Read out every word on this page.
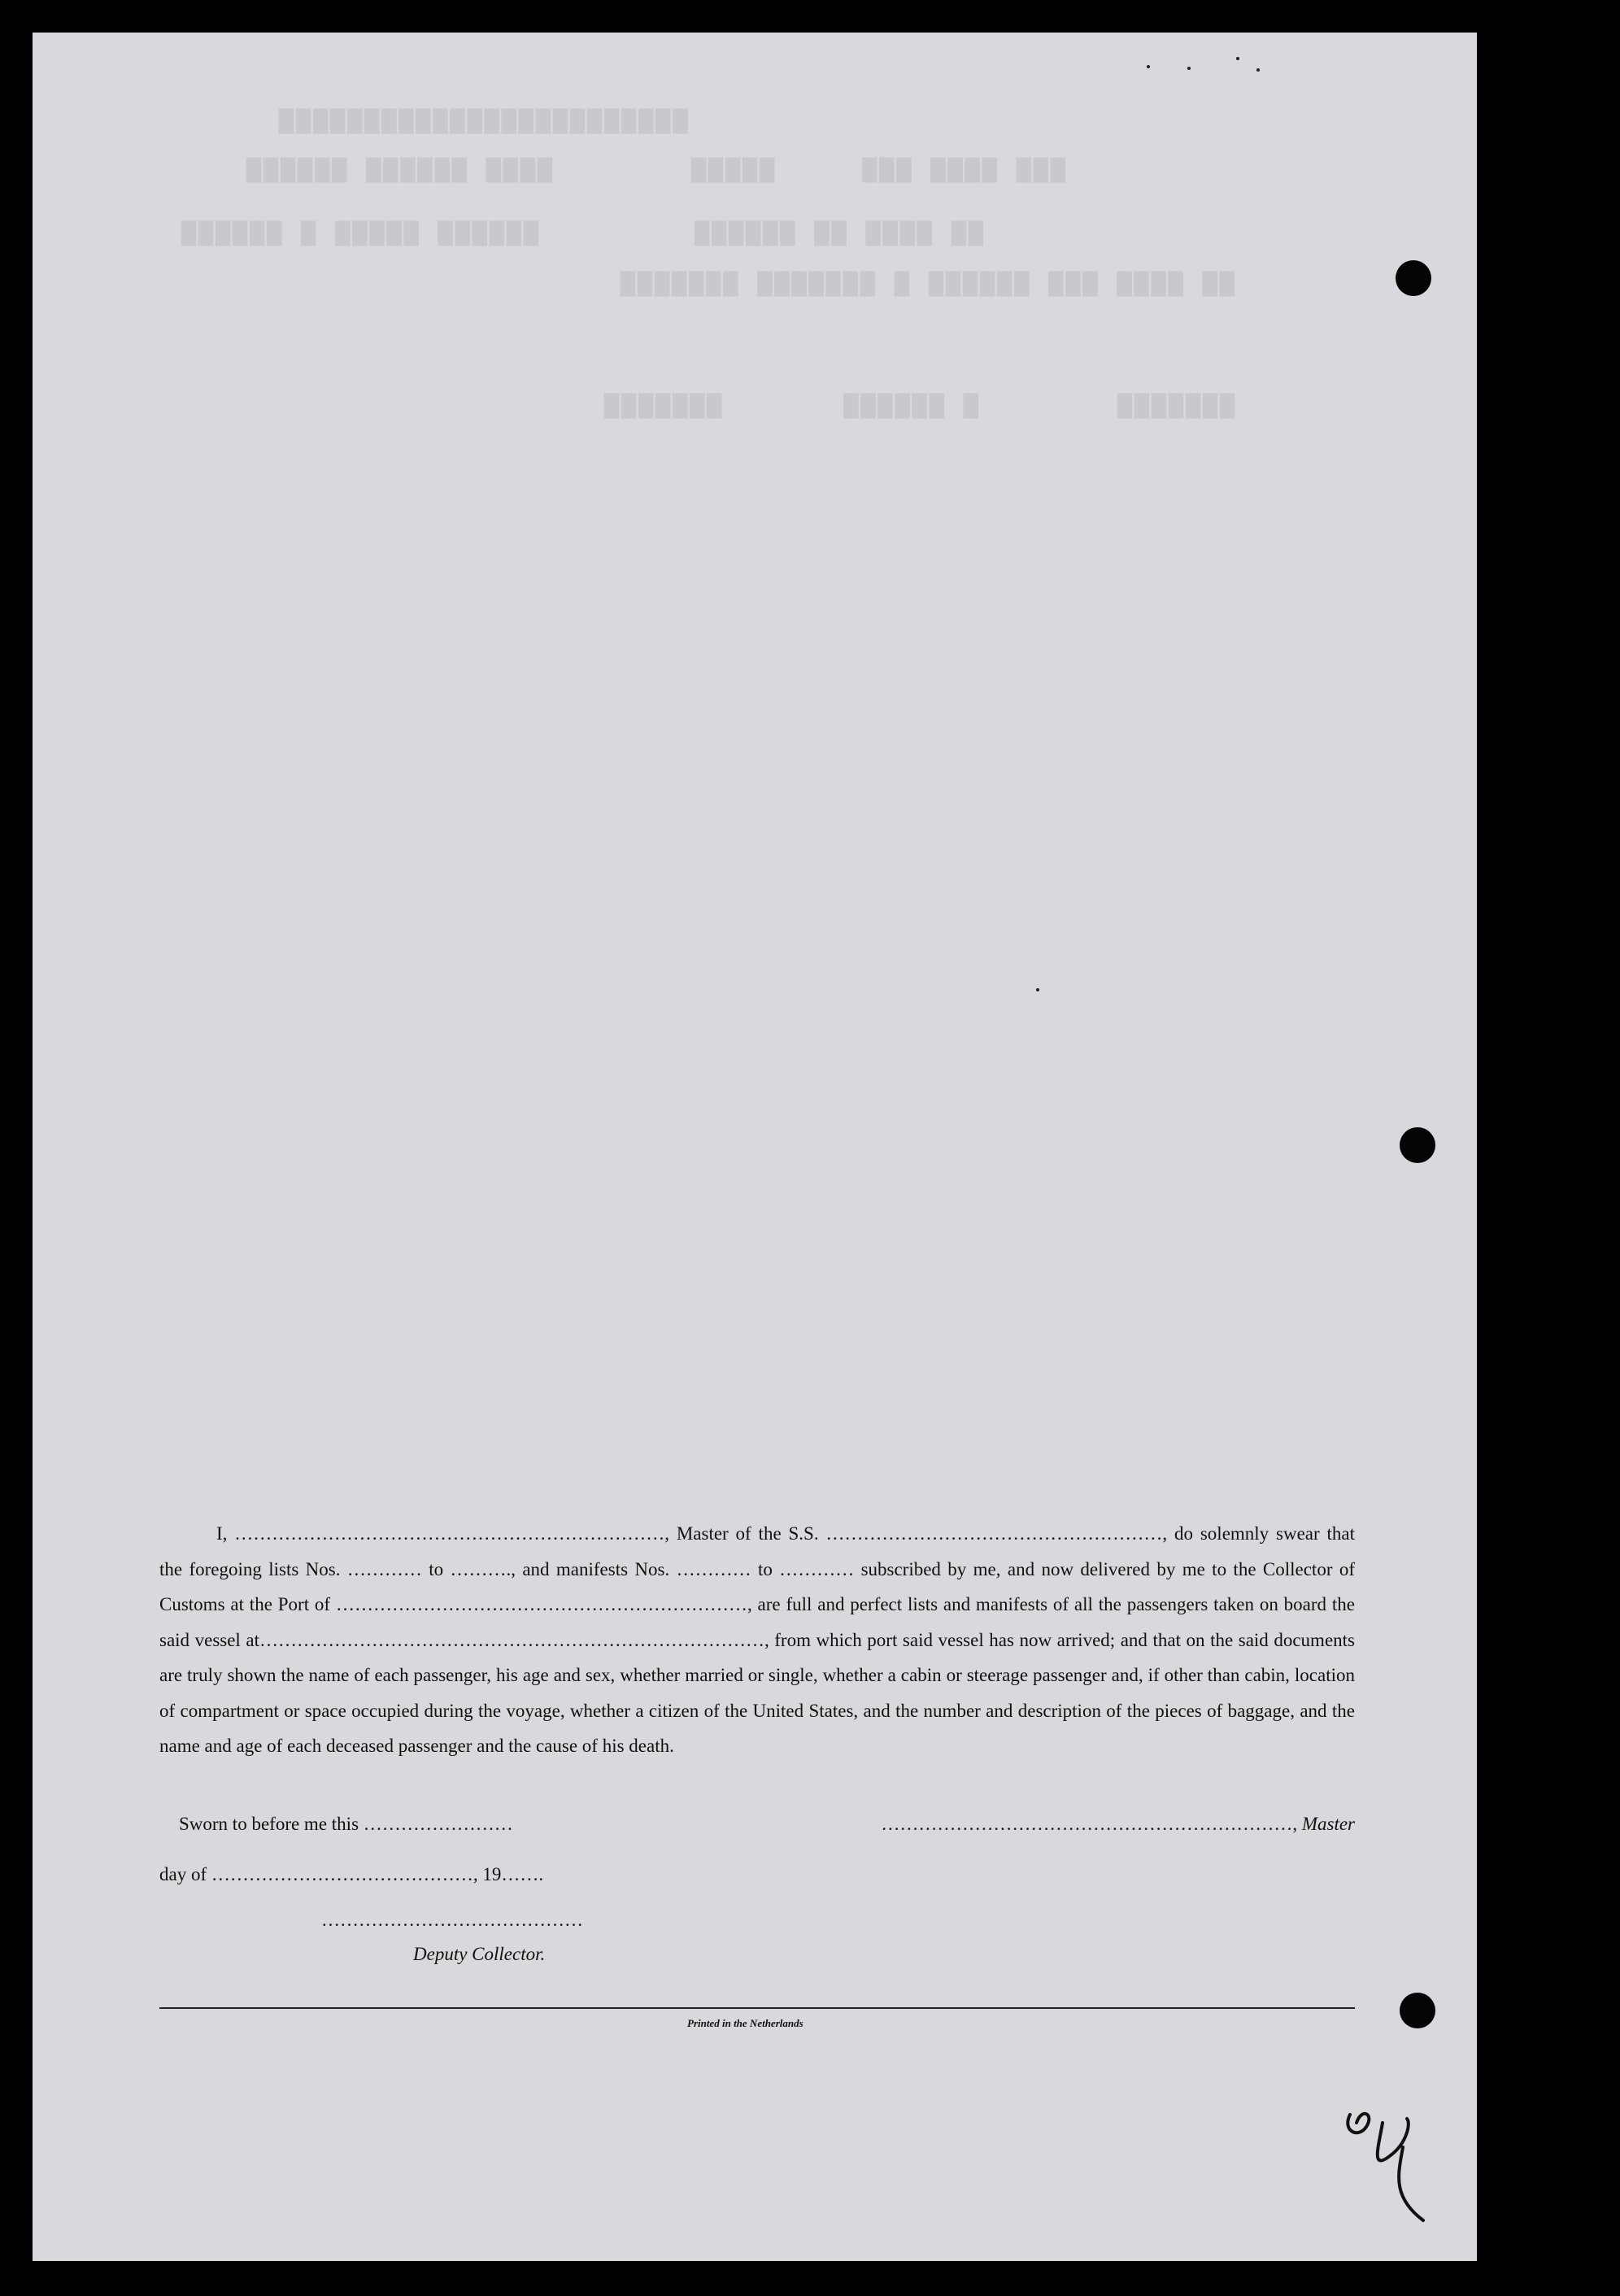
▇▇▇▇▇▇▇▇▇▇▇▇▇▇▇▇▇▇▇▇▇▇▇▇
▇▇▇ ▇▇▇▇ ▇▇▇     ▇▇▇▇▇        ▇▇▇▇ ▇▇▇▇▇▇ ▇▇▇▇▇▇
▇▇ ▇▇▇▇ ▇▇ ▇▇▇▇▇▇         ▇▇▇▇▇▇ ▇▇▇▇▇ ▇ ▇▇▇▇▇▇
▇▇ ▇▇▇▇ ▇▇▇ ▇▇▇▇▇▇ ▇ ▇▇▇▇▇▇▇ ▇▇▇▇▇▇▇
▇▇▇▇▇▇▇        ▇ ▇▇▇▇▇▇       ▇▇▇▇▇▇▇
I, ……………………………………………………………, Master of the S.S. ………………………………………………, do solemnly swear that the foregoing lists Nos. ………… to ………., and manifests Nos. ………… to ………… subscribed by me, and now delivered by me to the Collector of Customs at the Port of …………………………………………………………, are full and perfect lists and manifests of all the passengers taken on board the said vessel at………………………………………………………………………, from which port said vessel has now arrived; and that on the said documents are truly shown the name of each passenger, his age and sex, whether married or single, whether a cabin or steerage passenger and, if other than cabin, location of compartment or space occupied during the voyage, whether a citizen of the United States, and the number and description of the pieces of baggage, and the name and age of each deceased passenger and the cause of his death.
Sworn to before me this ……………………	…………………………………………………………, Master
day of ……………………………………, 19…….
……………………………………
Deputy Collector.
Printed in the Netherlands
